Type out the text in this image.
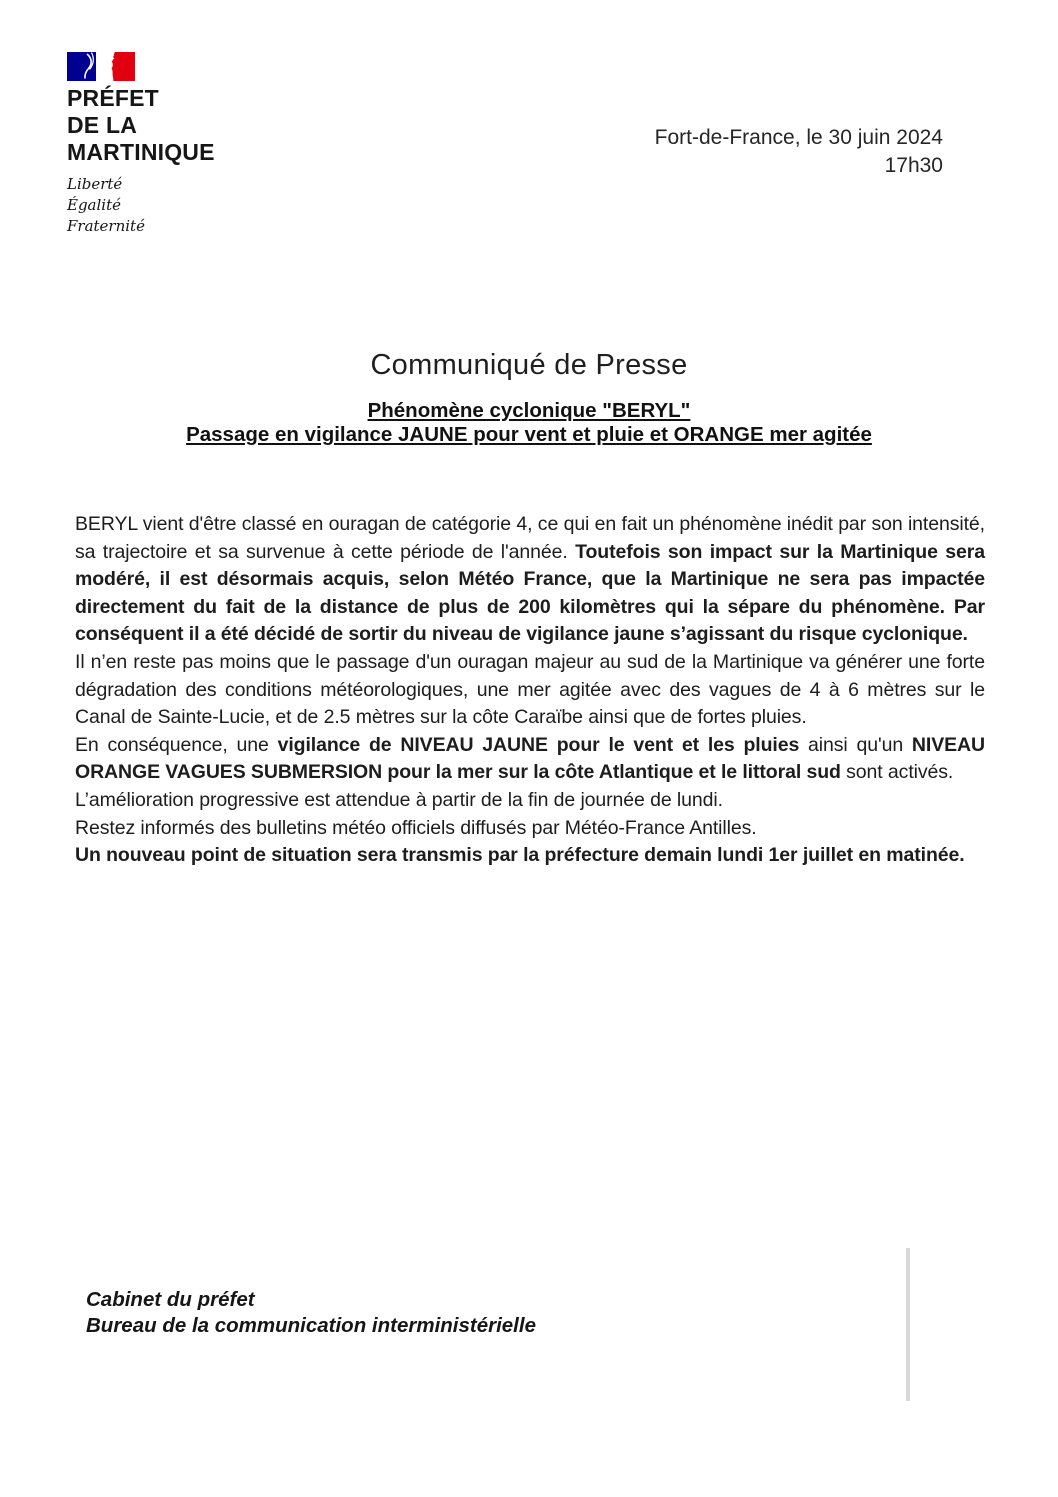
PRÉFET
DE LA
MARTINIQUE
Liberté
Égalité
Fraternité
Fort-de-France, le 30 juin 2024
17h30
Communiqué de Presse
Phénomène cyclonique "BERYL"
Passage en vigilance JAUNE pour vent et pluie et ORANGE mer agitée

BERYL vient d'être classé en ouragan de catégorie 4, ce qui en fait un phénomène inédit par son intensité, sa trajectoire et sa survenue à cette période de l'année. Toutefois son impact sur la Martinique sera modéré, il est désormais acquis, selon Météo France, que la Martinique ne sera pas impactée directement du fait de la distance de plus de 200 kilomètres qui la sépare du phénomène. Par conséquent il a été décidé de sortir du niveau de vigilance jaune s’agissant du risque cyclonique.

Il n’en reste pas moins que le passage d'un ouragan majeur au sud de la Martinique va générer une forte dégradation des conditions météorologiques, une mer agitée avec des vagues de 4 à 6 mètres sur le Canal de Sainte-Lucie, et de 2.5 mètres sur la côte Caraïbe ainsi que de fortes pluies.

En conséquence, une vigilance de NIVEAU JAUNE pour le vent et les pluies ainsi qu'un NIVEAU ORANGE VAGUES SUBMERSION pour la mer sur la côte Atlantique et le littoral sud sont activés.

L’amélioration progressive est attendue à partir de la fin de journée de lundi.

Restez informés des bulletins météo officiels diffusés par Météo-France Antilles.

Un nouveau point de situation sera transmis par la préfecture demain lundi 1er juillet en matinée.

Cabinet du préfet
Bureau de la communication interministérielle
